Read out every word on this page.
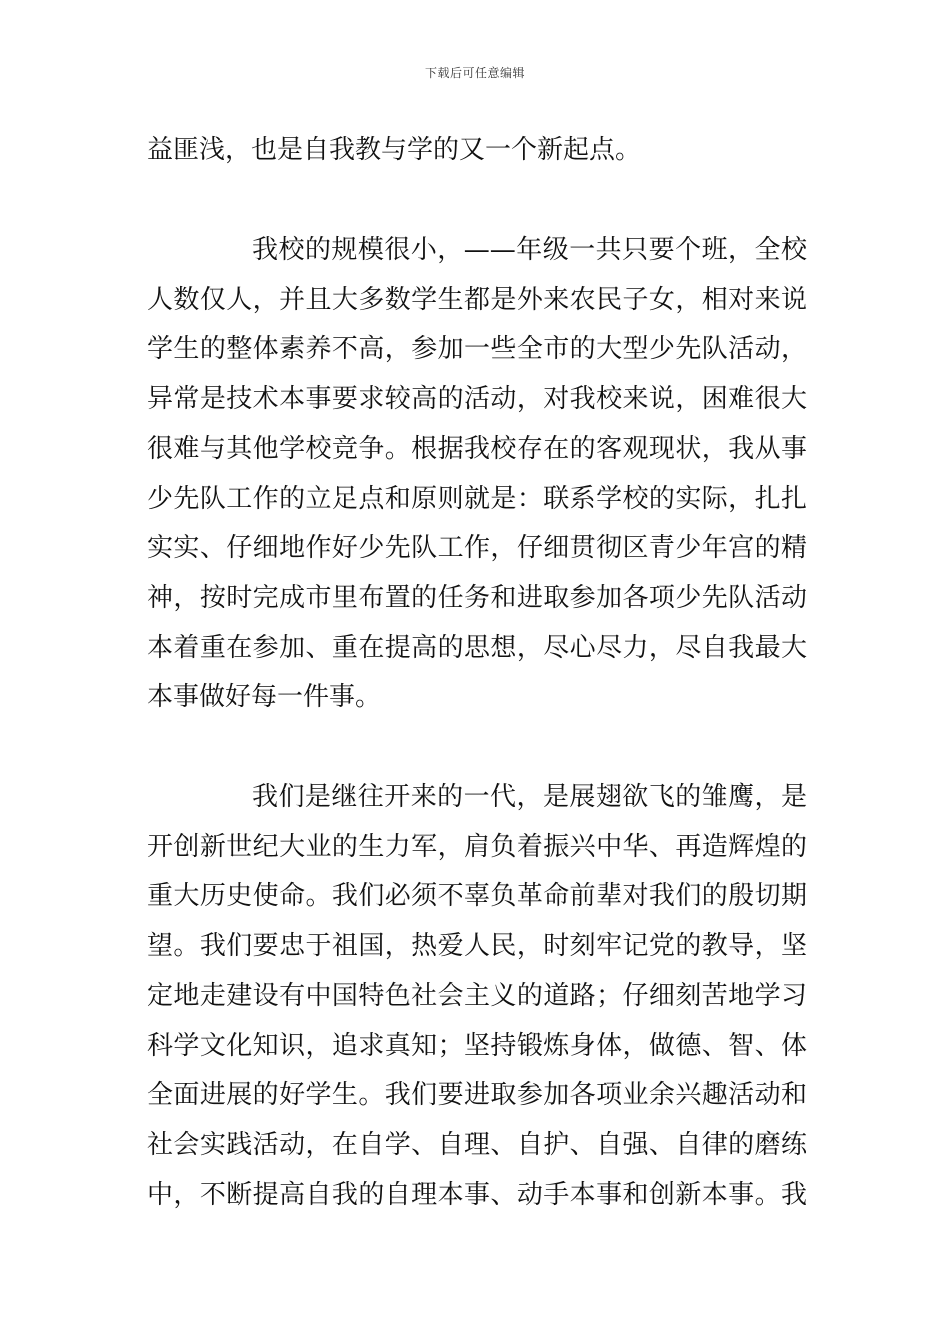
下载后可任意编辑
益匪浅，也是自我教与学的又一个新起点。
我校的规模很小，——年级一共只要个班，全校
人数仅人，并且大多数学生都是外来农民子女，相对来说
学生的整体素养不高，参加一些全市的大型少先队活动，
异常是技术本事要求较高的活动，对我校来说，困难很大
很难与其他学校竞争。根据我校存在的客观现状，我从事
少先队工作的立足点和原则就是：联系学校的实际，扎扎
实实、仔细地作好少先队工作，仔细贯彻区青少年宫的精
神，按时完成市里布置的任务和进取参加各项少先队活动
本着重在参加、重在提高的思想，尽心尽力，尽自我最大
本事做好每一件事。
我们是继往开来的一代，是展翅欲飞的雏鹰，是
开创新世纪大业的生力军，肩负着振兴中华、再造辉煌的
重大历史使命。我们必须不辜负革命前辈对我们的殷切期
望。我们要忠于祖国，热爱人民，时刻牢记党的教导，坚
定地走建设有中国特色社会主义的道路；仔细刻苦地学习
科学文化知识，追求真知；坚持锻炼身体，做德、智、体
全面进展的好学生。我们要进取参加各项业余兴趣活动和
社会实践活动，在自学、自理、自护、自强、自律的磨练
中，不断提高自我的自理本事、动手本事和创新本事。我
